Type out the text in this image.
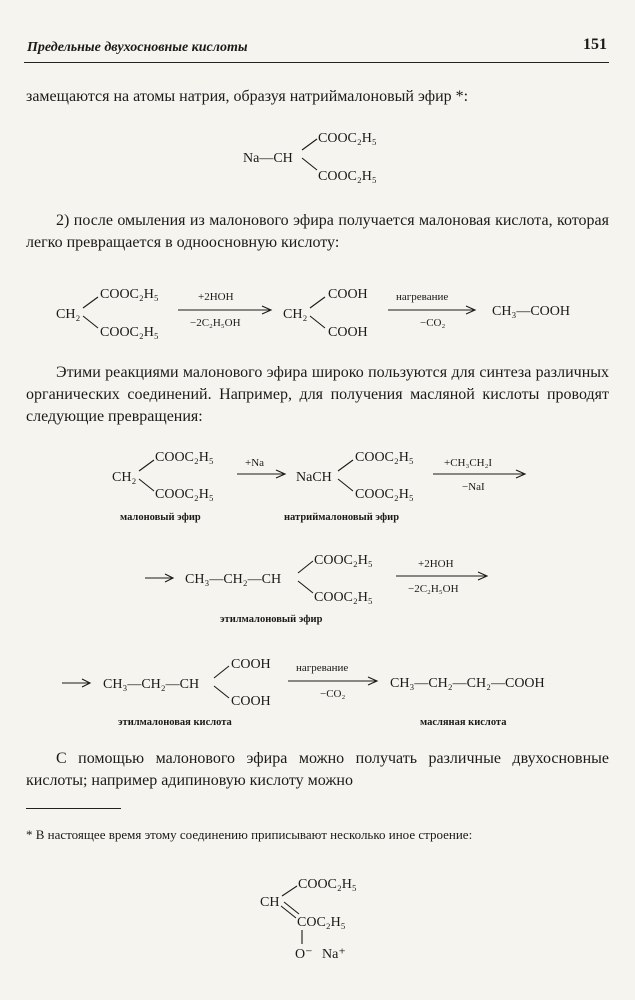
Предельные двухосновные кислоты	151
замещаются на атомы натрия, образуя натриймалоновый эфир *:
2) после омыления из малонового эфира получается малоновая кислота, которая легко превращается в одноосновную кислоту:
Этими реакциями малонового эфира широко пользуются для синтеза различных органических соединений. Например, для получения масляной кислоты проводят следующие превращения:
С помощью малонового эфира можно получать различные двухосновные кислоты; например адипиновую кислоту можно
* В настоящее время этому соединению приписывают несколько иное строение:
Na—CH
COOC₂H₅
COOC₂H₅
CH₂
COOC₂H₅
COOC₂H₅
+2HOH
−2C₂H₅OH
CH₂
COOH
COOH
нагревание
−CO₂
CH₃—COOH
CH₂
COOC₂H₅
COOC₂H₅
малоновый эфир
+Na
NaCH
COOC₂H₅
COOC₂H₅
натриймалоновый эфир
+CH₃CH₂I
−NaI
CH₃—CH₂—CH
COOC₂H₅
COOC₂H₅
этилмалоновый эфир
+2HOH
−2C₂H₅OH
CH₃—CH₂—CH
COOH
COOH
этилмалоновая кислота
нагревание
−CO₂
CH₃—CH₂—CH₂—COOH
масляная кислота
CH
COOC₂H₅
COC₂H₅
O⁻ Na⁺
